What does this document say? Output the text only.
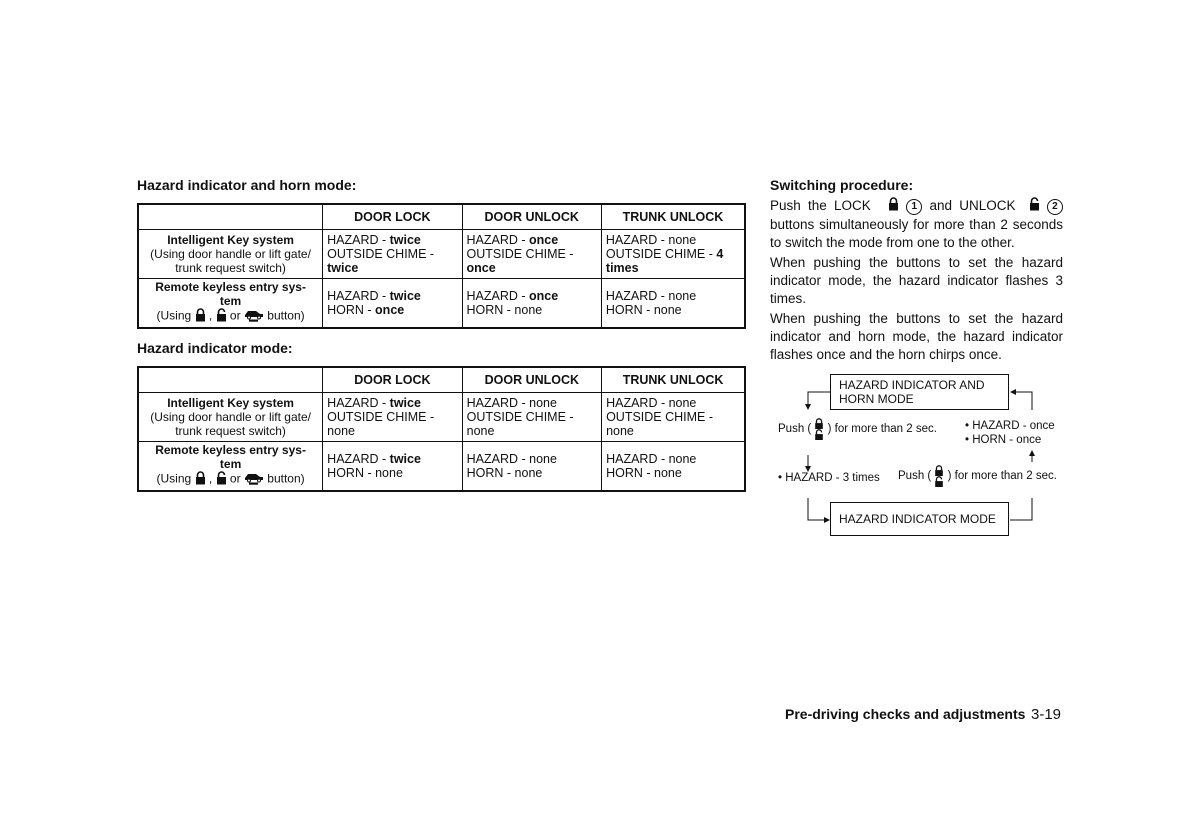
Hazard indicator and horn mode:
	DOOR LOCK	DOOR UNLOCK	TRUNK UNLOCK

Intelligent Key system
(Using door handle or lift gate/
trunk request switch)	HAZARD - twice
OUTSIDE CHIME -
twice	HAZARD - once
OUTSIDE CHIME -
once	HAZARD - none
OUTSIDE CHIME - 4
times

Remote keyless entry sys-
tem
(Using , or button)	HAZARD - twice
HORN - once	HAZARD - once
HORN - none	HAZARD - none
HORN - none
Hazard indicator mode:
	DOOR LOCK	DOOR UNLOCK	TRUNK UNLOCK

Intelligent Key system
(Using door handle or lift gate/
trunk request switch)	HAZARD - twice
OUTSIDE CHIME -
none	HAZARD - none
OUTSIDE CHIME -
none	HAZARD - none
OUTSIDE CHIME -
none

Remote keyless entry sys-
tem
(Using , or button)	HAZARD - twice
HORN - none	HAZARD - none
HORN - none	HAZARD - none
HORN - none
Switching procedure:
Push the LOCK	1 and UNLOCK	2 buttons simultaneously for more than 2 seconds to switch the mode from one to the other.
When pushing the buttons to set the hazard indicator mode, the hazard indicator flashes 3 times.
When pushing the buttons to set the hazard indicator and horn mode, the hazard indicator flashes once and the horn chirps once.
HAZARD INDICATOR AND
HORN MODE
Push ( ) for more than 2 sec. • HAZARD - once
• HORN - once
• HAZARD - 3 times Push ( ) for more than 2 sec.
HAZARD INDICATOR MODE
Pre-driving checks and adjustments 3-19
